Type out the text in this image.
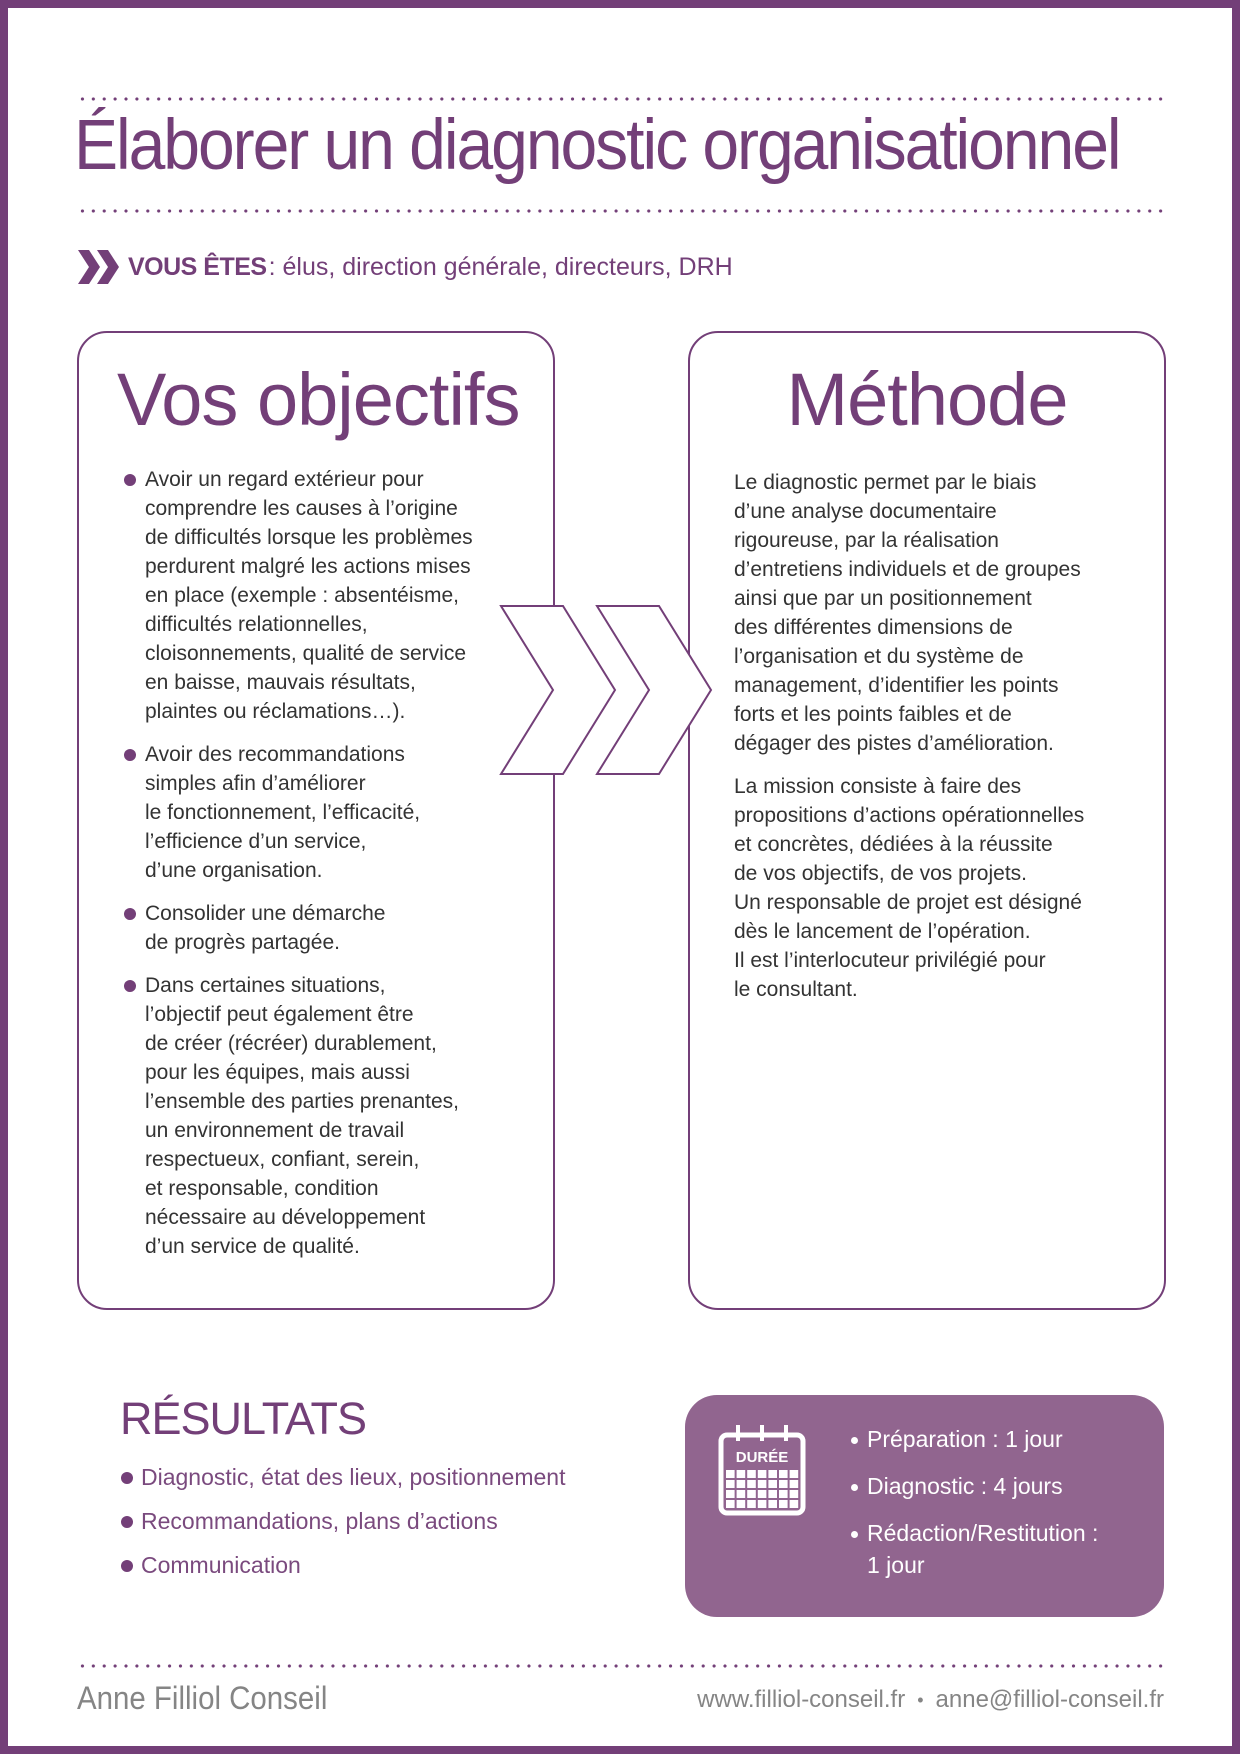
Élaborer un diagnostic organisationnel
VOUS ÊTES : élus, direction générale, directeurs, DRH
Vos objectifs
Avoir un regard extérieur pour
comprendre les causes à l’origine
de difficultés lorsque les problèmes
perdurent malgré les actions mises
en place (exemple : absentéisme,
difficultés relationnelles,
cloisonnements, qualité de service
en baisse, mauvais résultats,
plaintes ou réclamations…).
Avoir des recommandations
simples afin d’améliorer
le fonctionnement, l’efficacité,
l’efficience d’un service,
d’une organisation.
Consolider une démarche
de progrès partagée.
Dans certaines situations,
l’objectif peut également être
de créer (récréer) durablement,
pour les équipes, mais aussi
l’ensemble des parties prenantes,
un environnement de travail
respectueux, confiant, serein,
et responsable, condition
nécessaire au développement
d’un service de qualité.
Méthode

Le diagnostic permet par le biais
d’une analyse documentaire
rigoureuse, par la réalisation
d’entretiens individuels et de groupes
ainsi que par un positionnement
des différentes dimensions de
l’organisation et du système de
management, d’identifier les points
forts et les points faibles et de
dégager des pistes d’amélioration.

La mission consiste à faire des
propositions d’actions opérationnelles
et concrètes, dédiées à la réussite
de vos objectifs, de vos projets.
Un responsable de projet est désigné
dès le lancement de l’opération.
Il est l’interlocuteur privilégié pour
le consultant.

RÉSULTATS
Diagnostic, état des lieux, positionnement
Recommandations, plans d’actions
Communication
DURÉE
Préparation : 1 jour
Diagnostic : 4 jours
Rédaction/Restitution :
1 jour

Anne Filliol Conseil	www.filliol-conseil.fr • anne@filliol-conseil.fr
